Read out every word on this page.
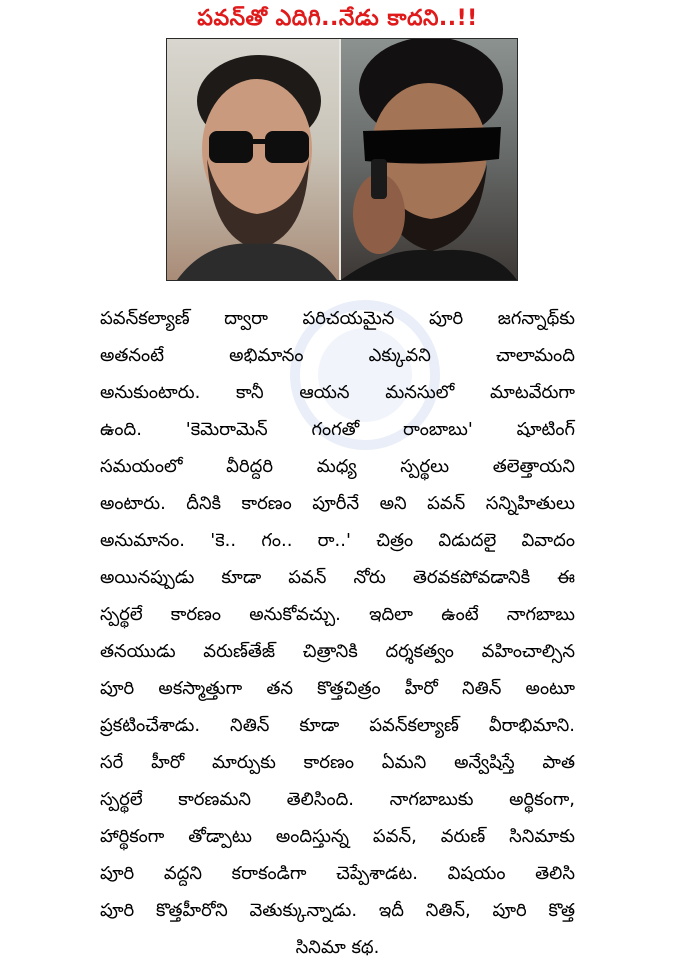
పవన్‌తో ఎదిగి..నేడు కాదని..!!
పవన్‌కల్యాణ్ ద్వారా పరిచయమైన పూరి జగన్నాథ్‌కు
అతనంటే అభిమానం ఎక్కువని చాలామంది
అనుకుంటారు. కానీ ఆయన మనసులో మాటవేరుగా
ఉంది. 'కెమెరామెన్ గంగతో రాంబాబు' షూటింగ్
సమయంలో వీరిద్దరి మధ్య స్పర్థలు తలెత్తాయని
అంటారు. దీనికి కారణం పూరీనే అని పవన్ సన్నిహితులు
అనుమానం. 'కె.. గం.. రా..' చిత్రం విడుదలై వివాదం
అయినప్పుడు కూడా పవన్ నోరు తెరవకపోవడానికి ఈ
స్పర్థలే కారణం అనుకోవచ్చు. ఇదిలా ఉంటే నాగబాబు
తనయుడు వరుణ్‌తేజ్ చిత్రానికి దర్శకత్వం వహించాల్సిన
పూరి అకస్మాత్తుగా తన కొత్తచిత్రం హీరో నితిన్ అంటూ
ప్రకటించేశాడు. నితిన్ కూడా పవన్‌కల్యాణ్ వీరాభిమాని.
సరే హీరో మార్పుకు కారణం ఏమని అన్వేషిస్తే పాత
స్పర్థలే కారణమని తెలిసింది. నాగబాబుకు అర్థికంగా,
హార్థికంగా తోడ్పాటు అందిస్తున్న పవన్, వరుణ్ సినిమాకు
పూరి వద్దని కరాకండిగా చెప్పేశాడట. విషయం తెలిసి
పూరి కొత్తహీరోని వెతుక్కున్నాడు. ఇదీ నితిన్, పూరి కొత్త
సినిమా కథ.
